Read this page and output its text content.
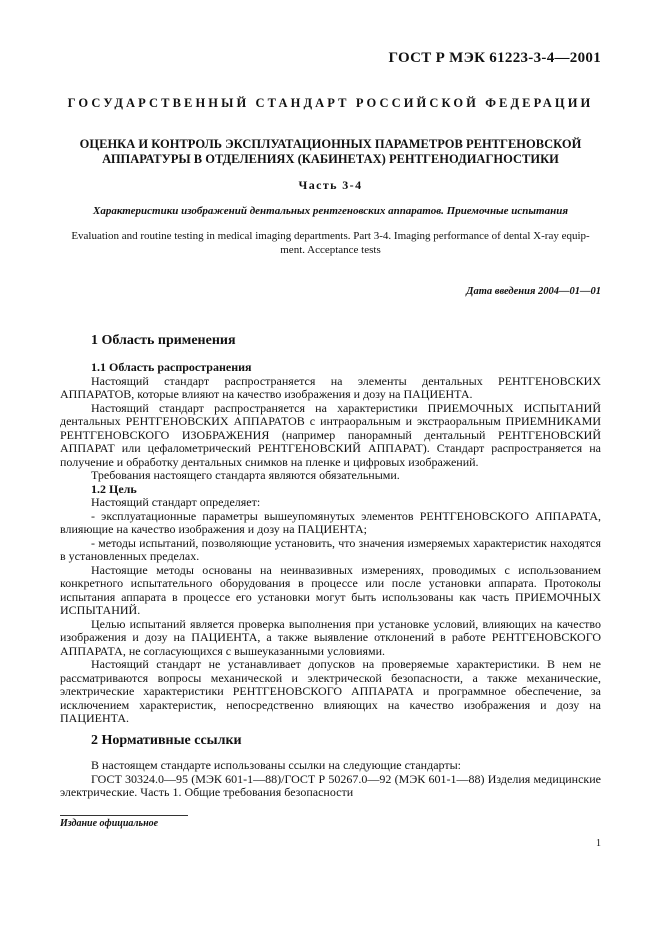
ГОСТ Р МЭК 61223-3-4—2001
ГОСУДАРСТВЕННЫЙ СТАНДАРТ РОССИЙСКОЙ ФЕДЕРАЦИИ
ОЦЕНКА И КОНТРОЛЬ ЭКСПЛУАТАЦИОННЫХ ПАРАМЕТРОВ РЕНТГЕНОВСКОЙ
АППАРАТУРЫ В ОТДЕЛЕНИЯХ (КАБИНЕТАХ) РЕНТГЕНОДИАГНОСТИКИ
Часть 3-4
Характеристики изображений дентальных рентгеновских аппаратов. Приемочные испытания
Evaluation and routine testing in medical imaging departments. Part 3-4. Imaging performance of dental X-ray equip-
ment. Acceptance tests
Дата введения 2004—01—01
1 Область применения

1.1 Область распространения

Настоящий стандарт распространяется на элементы дентальных РЕНТГЕНОВСКИХ АППАРАТОВ, которые влияют на качество изображения и дозу на ПАЦИЕНТА.

Настоящий стандарт распространяется на характеристики ПРИЕМОЧНЫХ ИСПЫТАНИЙ дентальных РЕНТГЕНОВСКИХ АППАРАТОВ с интраоральным и экстраоральным ПРИЕМНИКАМИ РЕНТГЕНОВСКОГО ИЗОБРАЖЕНИЯ (например панорамный дентальный РЕНТГЕНОВСКИЙ АППАРАТ или цефалометрический РЕНТГЕНОВСКИЙ АППАРАТ). Стандарт распространяется на получение и обработку дентальных снимков на пленке и цифровых изображений.

Требования настоящего стандарта являются обязательными.

1.2 Цель

Настоящий стандарт определяет:

- эксплуатационные параметры вышеупомянутых элементов РЕНТГЕНОВСКОГО АППАРАТА, влияющие на качество изображения и дозу на ПАЦИЕНТА;

- методы испытаний, позволяющие установить, что значения измеряемых характеристик находятся в установленных пределах.

Настоящие методы основаны на неинвазивных измерениях, проводимых с использованием конкретного испытательного оборудования в процессе или после установки аппарата. Протоколы испытания аппарата в процессе его установки могут быть использованы как часть ПРИЕМОЧНЫХ ИСПЫТАНИЙ.

Целью испытаний является проверка выполнения при установке условий, влияющих на качество изображения и дозу на ПАЦИЕНТА, а также выявление отклонений в работе РЕНТГЕНОВСКОГО АППАРАТА, не согласующихся с вышеуказанными условиями.

Настоящий стандарт не устанавливает допусков на проверяемые характеристики. В нем не рассматриваются вопросы механической и электрической безопасности, а также механические, электрические характеристики РЕНТГЕНОВСКОГО АППАРАТА и программное обеспечение, за исключением характеристик, непосредственно влияющих на качество изображения и дозу на ПАЦИЕНТА.

2 Нормативные ссылки

В настоящем стандарте использованы ссылки на следующие стандарты:

ГОСТ 30324.0—95 (МЭК 601-1—88)/ГОСТ Р 50267.0—92 (МЭК 601-1—88) Изделия медицинские электрические. Часть 1. Общие требования безопасности

Издание официальное
1
